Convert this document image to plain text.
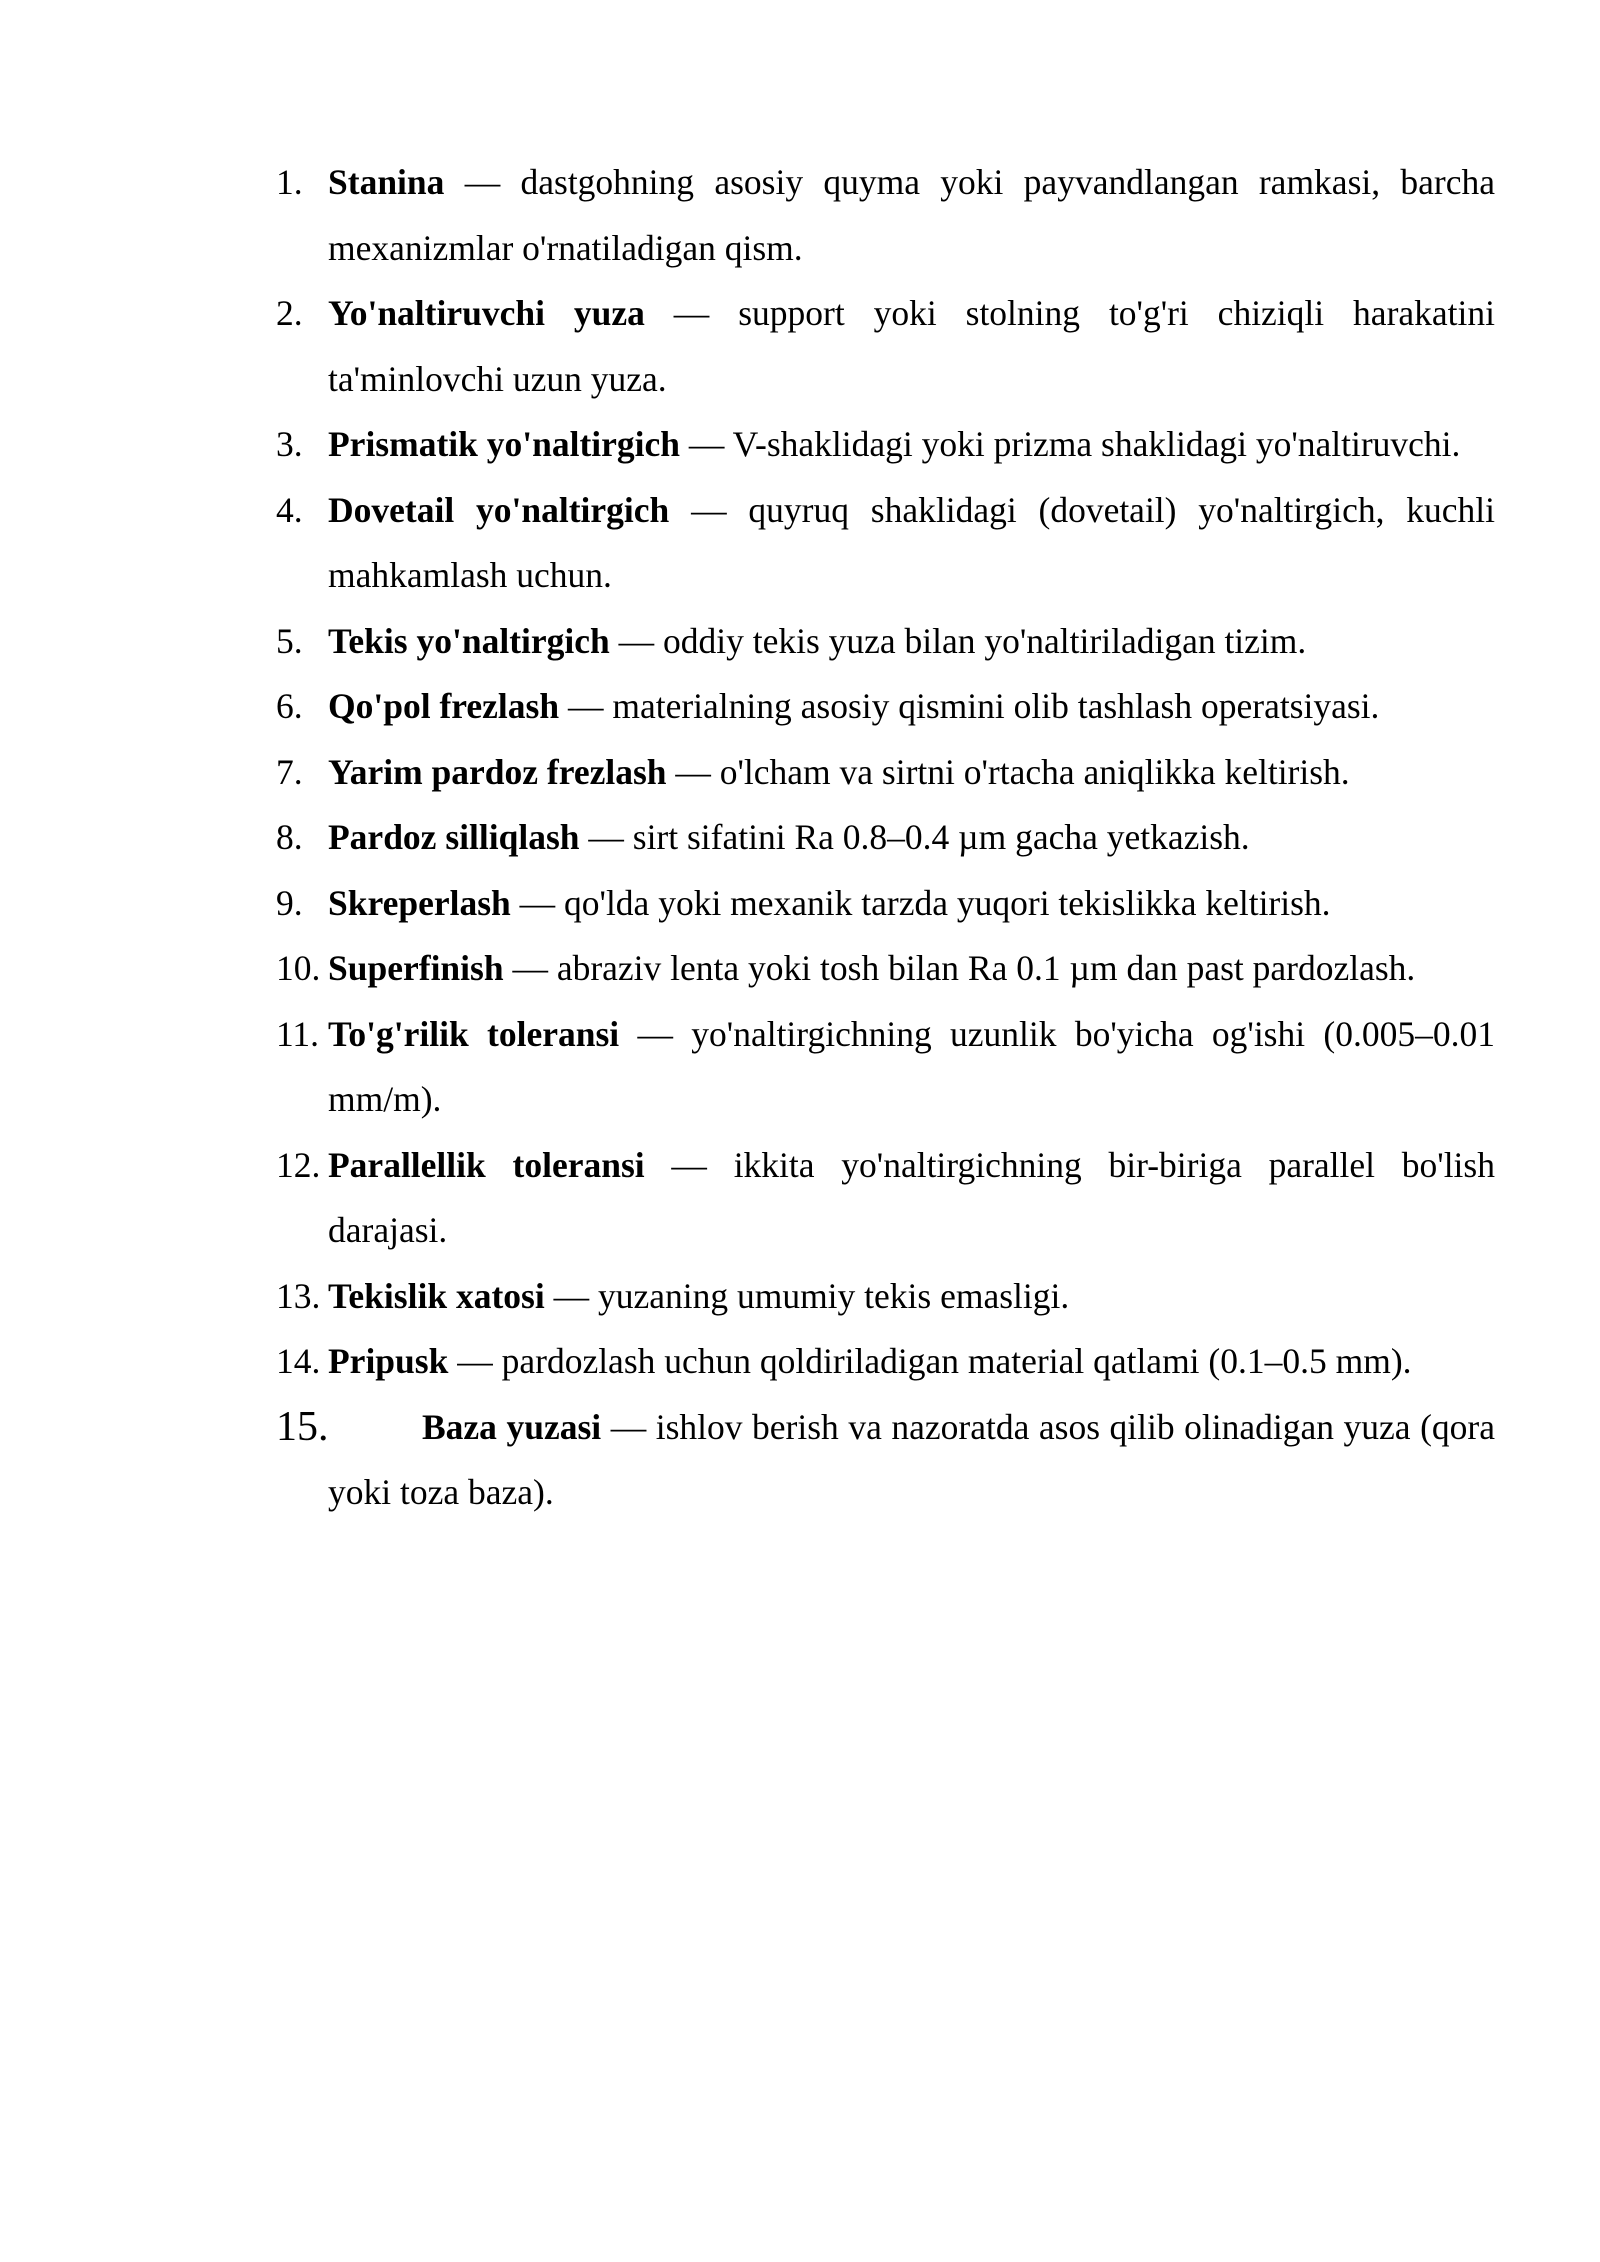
1. Stanina — dastgohning asosiy quyma yoki payvandlangan ramkasi, barcha mexanizmlar o'rnatiladigan qism.
2. Yo'naltiruvchi yuza — support yoki stolning to'g'ri chiziqli harakatini ta'minlovchi uzun yuza.
3. Prismatik yo'naltirgich — V-shaklidagi yoki prizma shaklidagi yo'naltiruvchi.
4. Dovetail yo'naltirgich — quyruq shaklidagi (dovetail) yo'naltirgich, kuchli mahkamlash uchun.
5. Tekis yo'naltirgich — oddiy tekis yuza bilan yo'naltiriladigan tizim.
6. Qo'pol frezlash — materialning asosiy qismini olib tashlash operatsiyasi.
7. Yarim pardoz frezlash — o'lcham va sirtni o'rtacha aniqlikka keltirish.
8. Pardoz silliqlash — sirt sifatini Ra 0.8–0.4 µm gacha yetkazish.
9. Skreperlash — qo'lda yoki mexanik tarzda yuqori tekislikka keltirish.
10. Superfinish — abraziv lenta yoki tosh bilan Ra 0.1 µm dan past pardozlash.
11. To'g'rilik toleransi — yo'naltirgichning uzunlik bo'yicha og'ishi (0.005–0.01 mm/m).
12. Parallellik toleransi — ikkita yo'naltirgichning bir-biriga parallel bo'lish darajasi.
13. Tekislik xatosi — yuzaning umumiy tekis emasligi.
14. Pripusk — pardozlash uchun qoldiriladigan material qatlami (0.1–0.5 mm).
15.	Baza yuzasi — ishlov berish va nazoratda asos qilib olinadigan yuza (qora yoki toza baza).
